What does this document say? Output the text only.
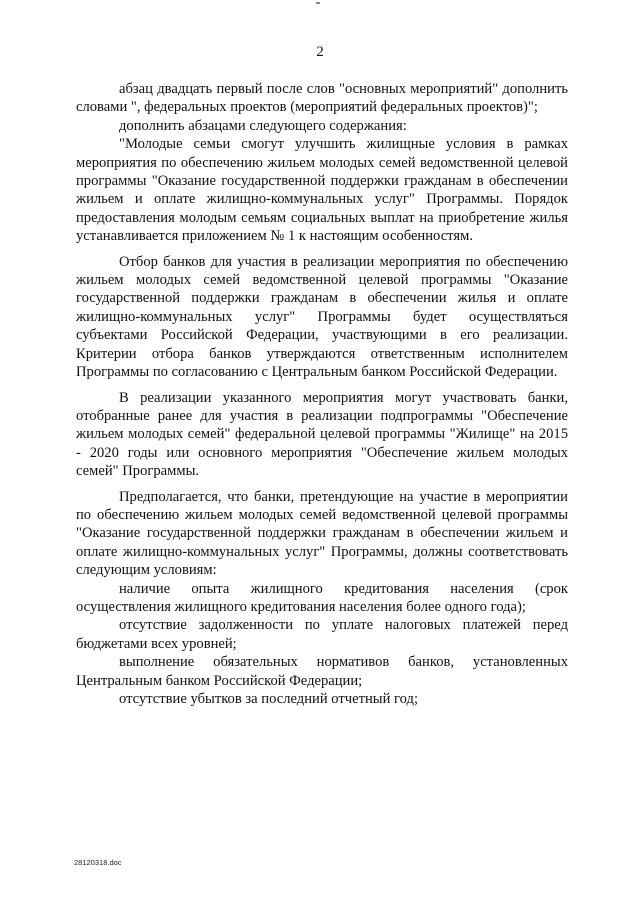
2

абзац двадцать первый после слов "основных мероприятий" дополнить словами ", федеральных проектов (мероприятий федеральных проектов)";

дополнить абзацами следующего содержания:

"Молодые семьи смогут улучшить жилищные условия в рамках мероприятия по обеспечению жильем молодых семей ведомственной целевой программы "Оказание государственной поддержки гражданам в обеспечении жильем и оплате жилищно-коммунальных услуг" Программы. Порядок предоставления молодым семьям социальных выплат на приобретение жилья устанавливается приложением № 1 к настоящим особенностям.

Отбор банков для участия в реализации мероприятия по обеспечению жильем молодых семей ведомственной целевой программы "Оказание государственной поддержки гражданам в обеспечении жилья и оплате жилищно-коммунальных услуг" Программы будет осуществляться субъектами Российской Федерации, участвующими в его реализации. Критерии отбора банков утверждаются ответственным исполнителем Программы по согласованию с Центральным банком Российской Федерации.

В реализации указанного мероприятия могут участвовать банки, отобранные ранее для участия в реализации подпрограммы "Обеспечение жильем молодых семей" федеральной целевой программы "Жилище" на 2015 - 2020 годы или основного мероприятия "Обеспечение жильем молодых семей" Программы.

Предполагается, что банки, претендующие на участие в мероприятии по обеспечению жильем молодых семей ведомственной целевой программы "Оказание государственной поддержки гражданам в обеспечении жильем и оплате жилищно-коммунальных услуг" Программы, должны соответствовать следующим условиям:

наличие опыта жилищного кредитования населения (срок осуществления жилищного кредитования населения более одного года);

отсутствие задолженности по уплате налоговых платежей перед бюджетами всех уровней;

выполнение обязательных нормативов банков, установленных Центральным банком Российской Федерации;

отсутствие убытков за последний отчетный год;

28120318.doc
